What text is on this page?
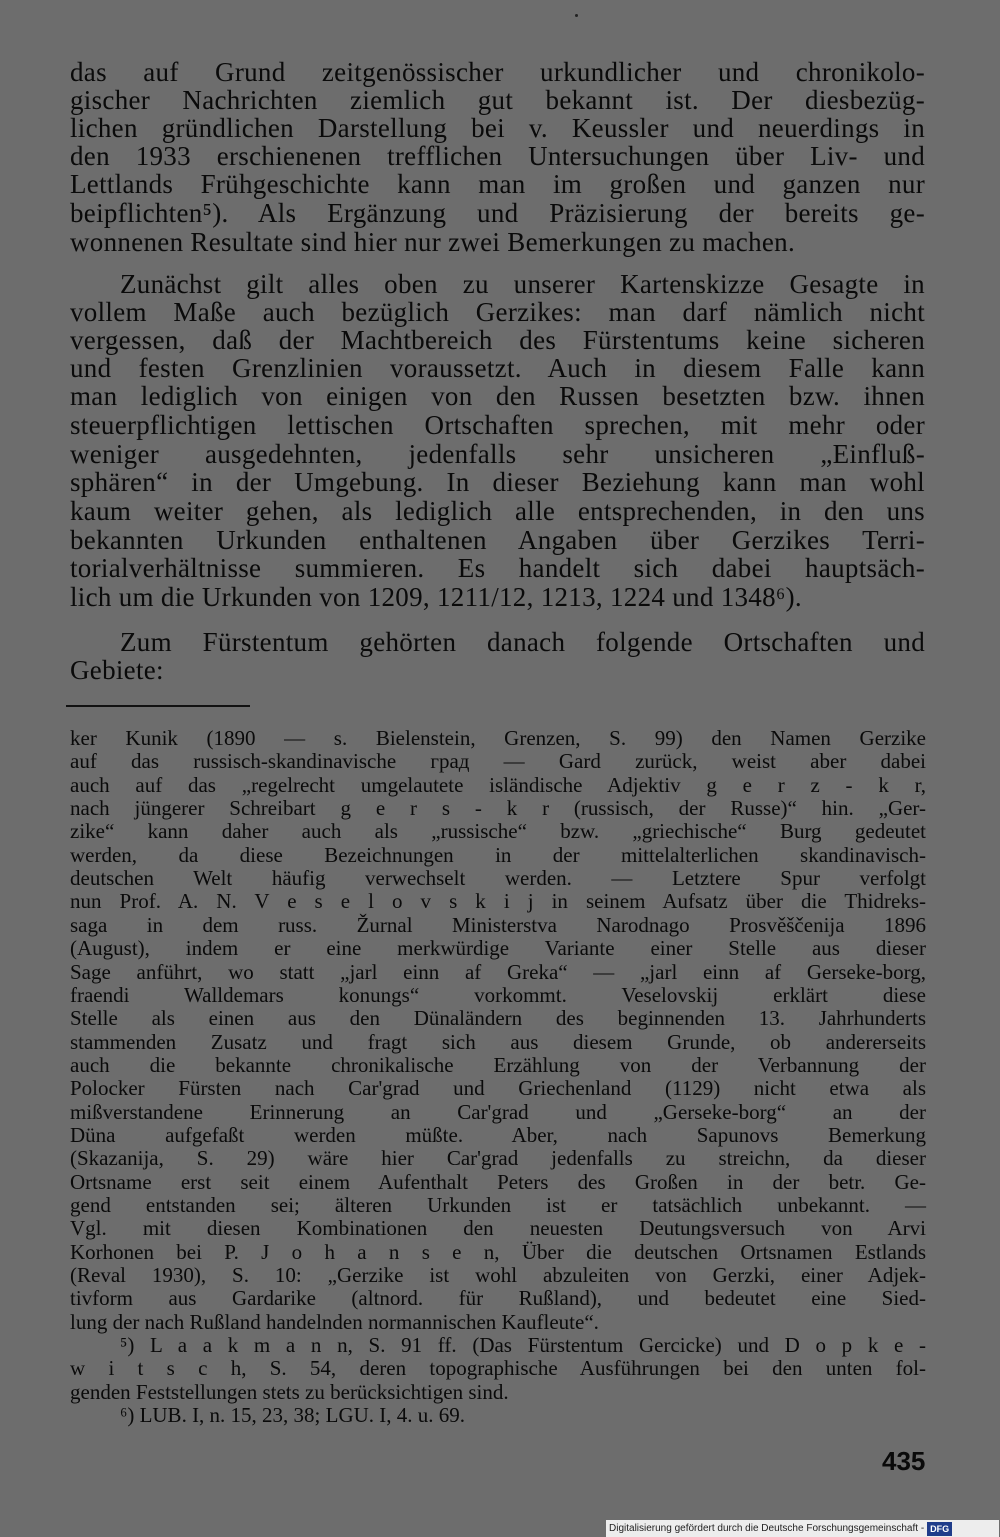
das auf Grund zeitgenössischer urkundlicher und chronikolo-
gischer Nachrichten ziemlich gut bekannt ist. Der diesbezüg-
lichen gründlichen Darstellung bei v. Keussler und neuerdings in
den 1933 erschienenen trefflichen Untersuchungen über Liv- und
Lettlands Frühgeschichte kann man im großen und ganzen nur
beipflichten⁵). Als Ergänzung und Präzisierung der bereits ge-
wonnenen Resultate sind hier nur zwei Bemerkungen zu machen.
Zunächst gilt alles oben zu unserer Kartenskizze Gesagte in
vollem Maße auch bezüglich Gerzikes: man darf nämlich nicht
vergessen, daß der Machtbereich des Fürstentums keine sicheren
und festen Grenzlinien voraussetzt. Auch in diesem Falle kann
man lediglich von einigen von den Russen besetzten bzw. ihnen
steuerpflichtigen lettischen Ortschaften sprechen, mit mehr oder
weniger ausgedehnten, jedenfalls sehr unsicheren „Einfluß-
sphären“ in der Umgebung. In dieser Beziehung kann man wohl
kaum weiter gehen, als lediglich alle entsprechenden, in den uns
bekannten Urkunden enthaltenen Angaben über Gerzikes Terri-
torialverhältnisse summieren. Es handelt sich dabei hauptsäch-
lich um die Urkunden von 1209, 1211/12, 1213, 1224 und 1348⁶).
Zum Fürstentum gehörten danach folgende Ortschaften und
Gebiete:
ker Kunik (1890 — s. Bielenstein, Grenzen, S. 99) den Namen Gerzike
auf das russisch-skandinavische град — Gard zurück, weist aber dabei
auch auf das „regelrecht umgelautete isländische Adjektiv g e r z - k r,
nach jüngerer Schreibart g e r s - k r (russisch, der Russe)“ hin. „Ger-
zike“ kann daher auch als „russische“ bzw. „griechische“ Burg gedeutet
werden, da diese Bezeichnungen in der mittelalterlichen skandinavisch-
deutschen Welt häufig verwechselt werden. — Letztere Spur verfolgt
nun Prof. A. N. V e s e l o v s k i j in seinem Aufsatz über die Thidreks-
saga in dem russ. Žurnal Ministerstva Narodnago Prosvěščenija 1896
(August), indem er eine merkwürdige Variante einer Stelle aus dieser
Sage anführt, wo statt „jarl einn af Greka“ — „jarl einn af Gerseke-borg,
fraendi Walldemars konungs“ vorkommt. Veselovskij erklärt diese
Stelle als einen aus den Dünaländern des beginnenden 13. Jahrhunderts
stammenden Zusatz und fragt sich aus diesem Grunde, ob andererseits
auch die bekannte chronikalische Erzählung von der Verbannung der
Polocker Fürsten nach Car'grad und Griechenland (1129) nicht etwa als
mißverstandene Erinnerung an Car'grad und „Gerseke-borg“ an der
Düna aufgefaßt werden müßte. Aber, nach Sapunovs Bemerkung
(Skazanija, S. 29) wäre hier Car'grad jedenfalls zu streichn, da dieser
Ortsname erst seit einem Aufenthalt Peters des Großen in der betr. Ge-
gend entstanden sei; älteren Urkunden ist er tatsächlich unbekannt. —
Vgl. mit diesen Kombinationen den neuesten Deutungsversuch von Arvi
Korhonen bei P. J o h a n s e n, Über die deutschen Ortsnamen Estlands
(Reval 1930), S. 10: „Gerzike ist wohl abzuleiten von Gerzki, einer Adjek-
tivform aus Gardarike (altnord. für Rußland), und bedeutet eine Sied-
lung der nach Rußland handelnden normannischen Kaufleute“.
⁵) L a a k m a n n, S. 91 ff. (Das Fürstentum Gercicke) und D o p k e -
w i t s c h, S. 54, deren topographische Ausführungen bei den unten fol-
genden Feststellungen stets zu berücksichtigen sind.
⁶) LUB. I, n. 15, 23, 38; LGU. I, 4. u. 69.
435
Digitalisierung gefördert durch die Deutsche Forschungsgemeinschaft - DFG
